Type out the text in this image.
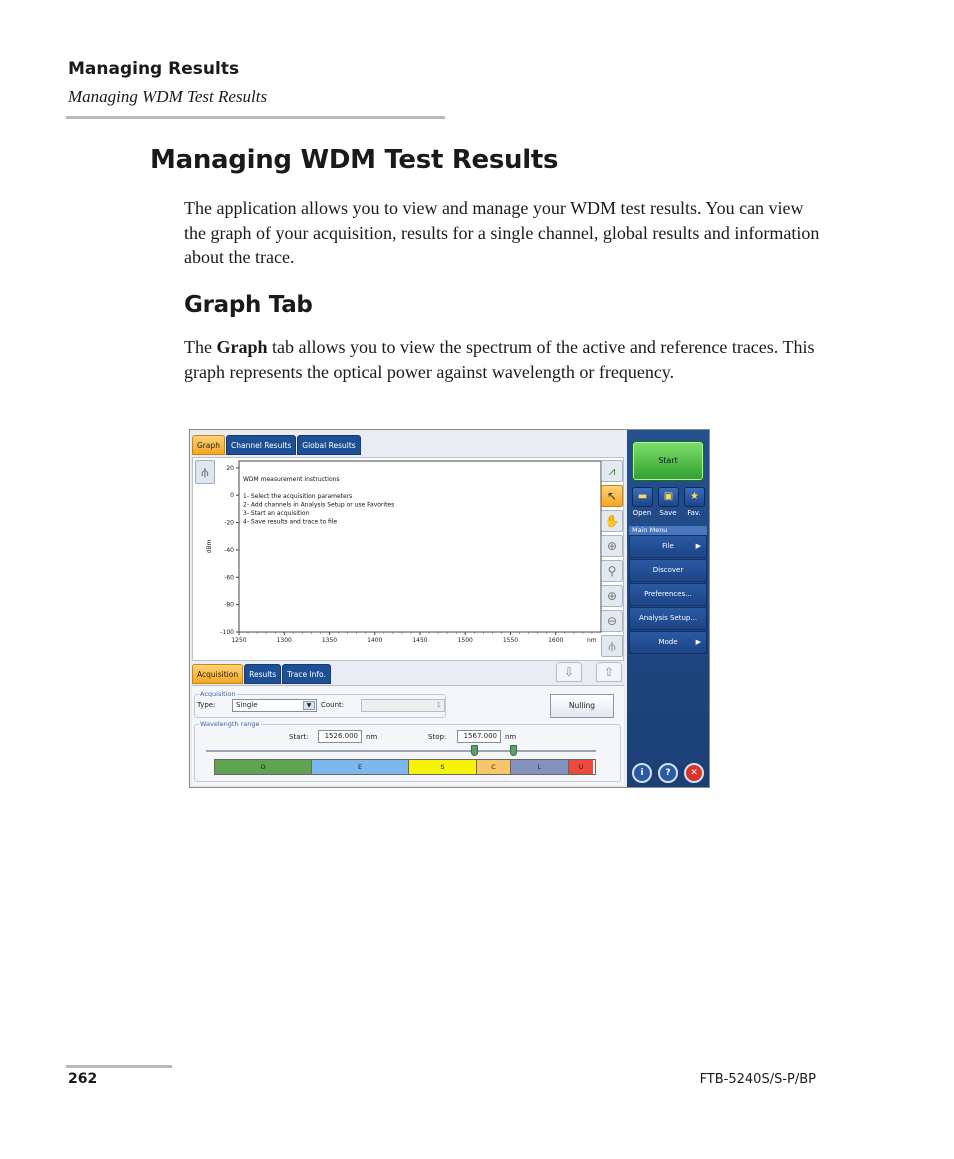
Managing Results
Managing WDM Test Results
Managing WDM Test Results

The application allows you to view and manage your WDM test results. You can view the graph of your acquisition, results for a single channel, global results and information about the trace.

Graph Tab

The Graph tab allows you to view the spectrum of the active and reference traces. This graph represents the optical power against wavelength or frequency.

Graph	Channel Results	Global Results
⫛	20
0
-20
-40
-60
-80
-100
1250	1300	1350	1400	1450	1500	1550	1600	nm
dBm
WDM measurement instructions
1- Select the acquisition parameters
2- Add channels in Analysis Setup or use Favorites
3- Start an acquisition
4- Save results and trace to file
⩘
↖
✋
⊕
⚲
⊕
⊖
⫛
Acquisition	Results	Trace Info.	⇩	⇧
Acquisition
Type:	Single	▼	Count:	1	Nulling
Wavelength range
Start:	1526.000	nm	Stop:	1567.000	nm
O	E	S	C	L	U
Start
▬	▣	★
Open	Save	Fav.
Main Menu
File	▶
Discover
Preferences...
Analysis Setup...
Mode	▶
i	?	✕
262	FTB-5240S/S-P/BP
